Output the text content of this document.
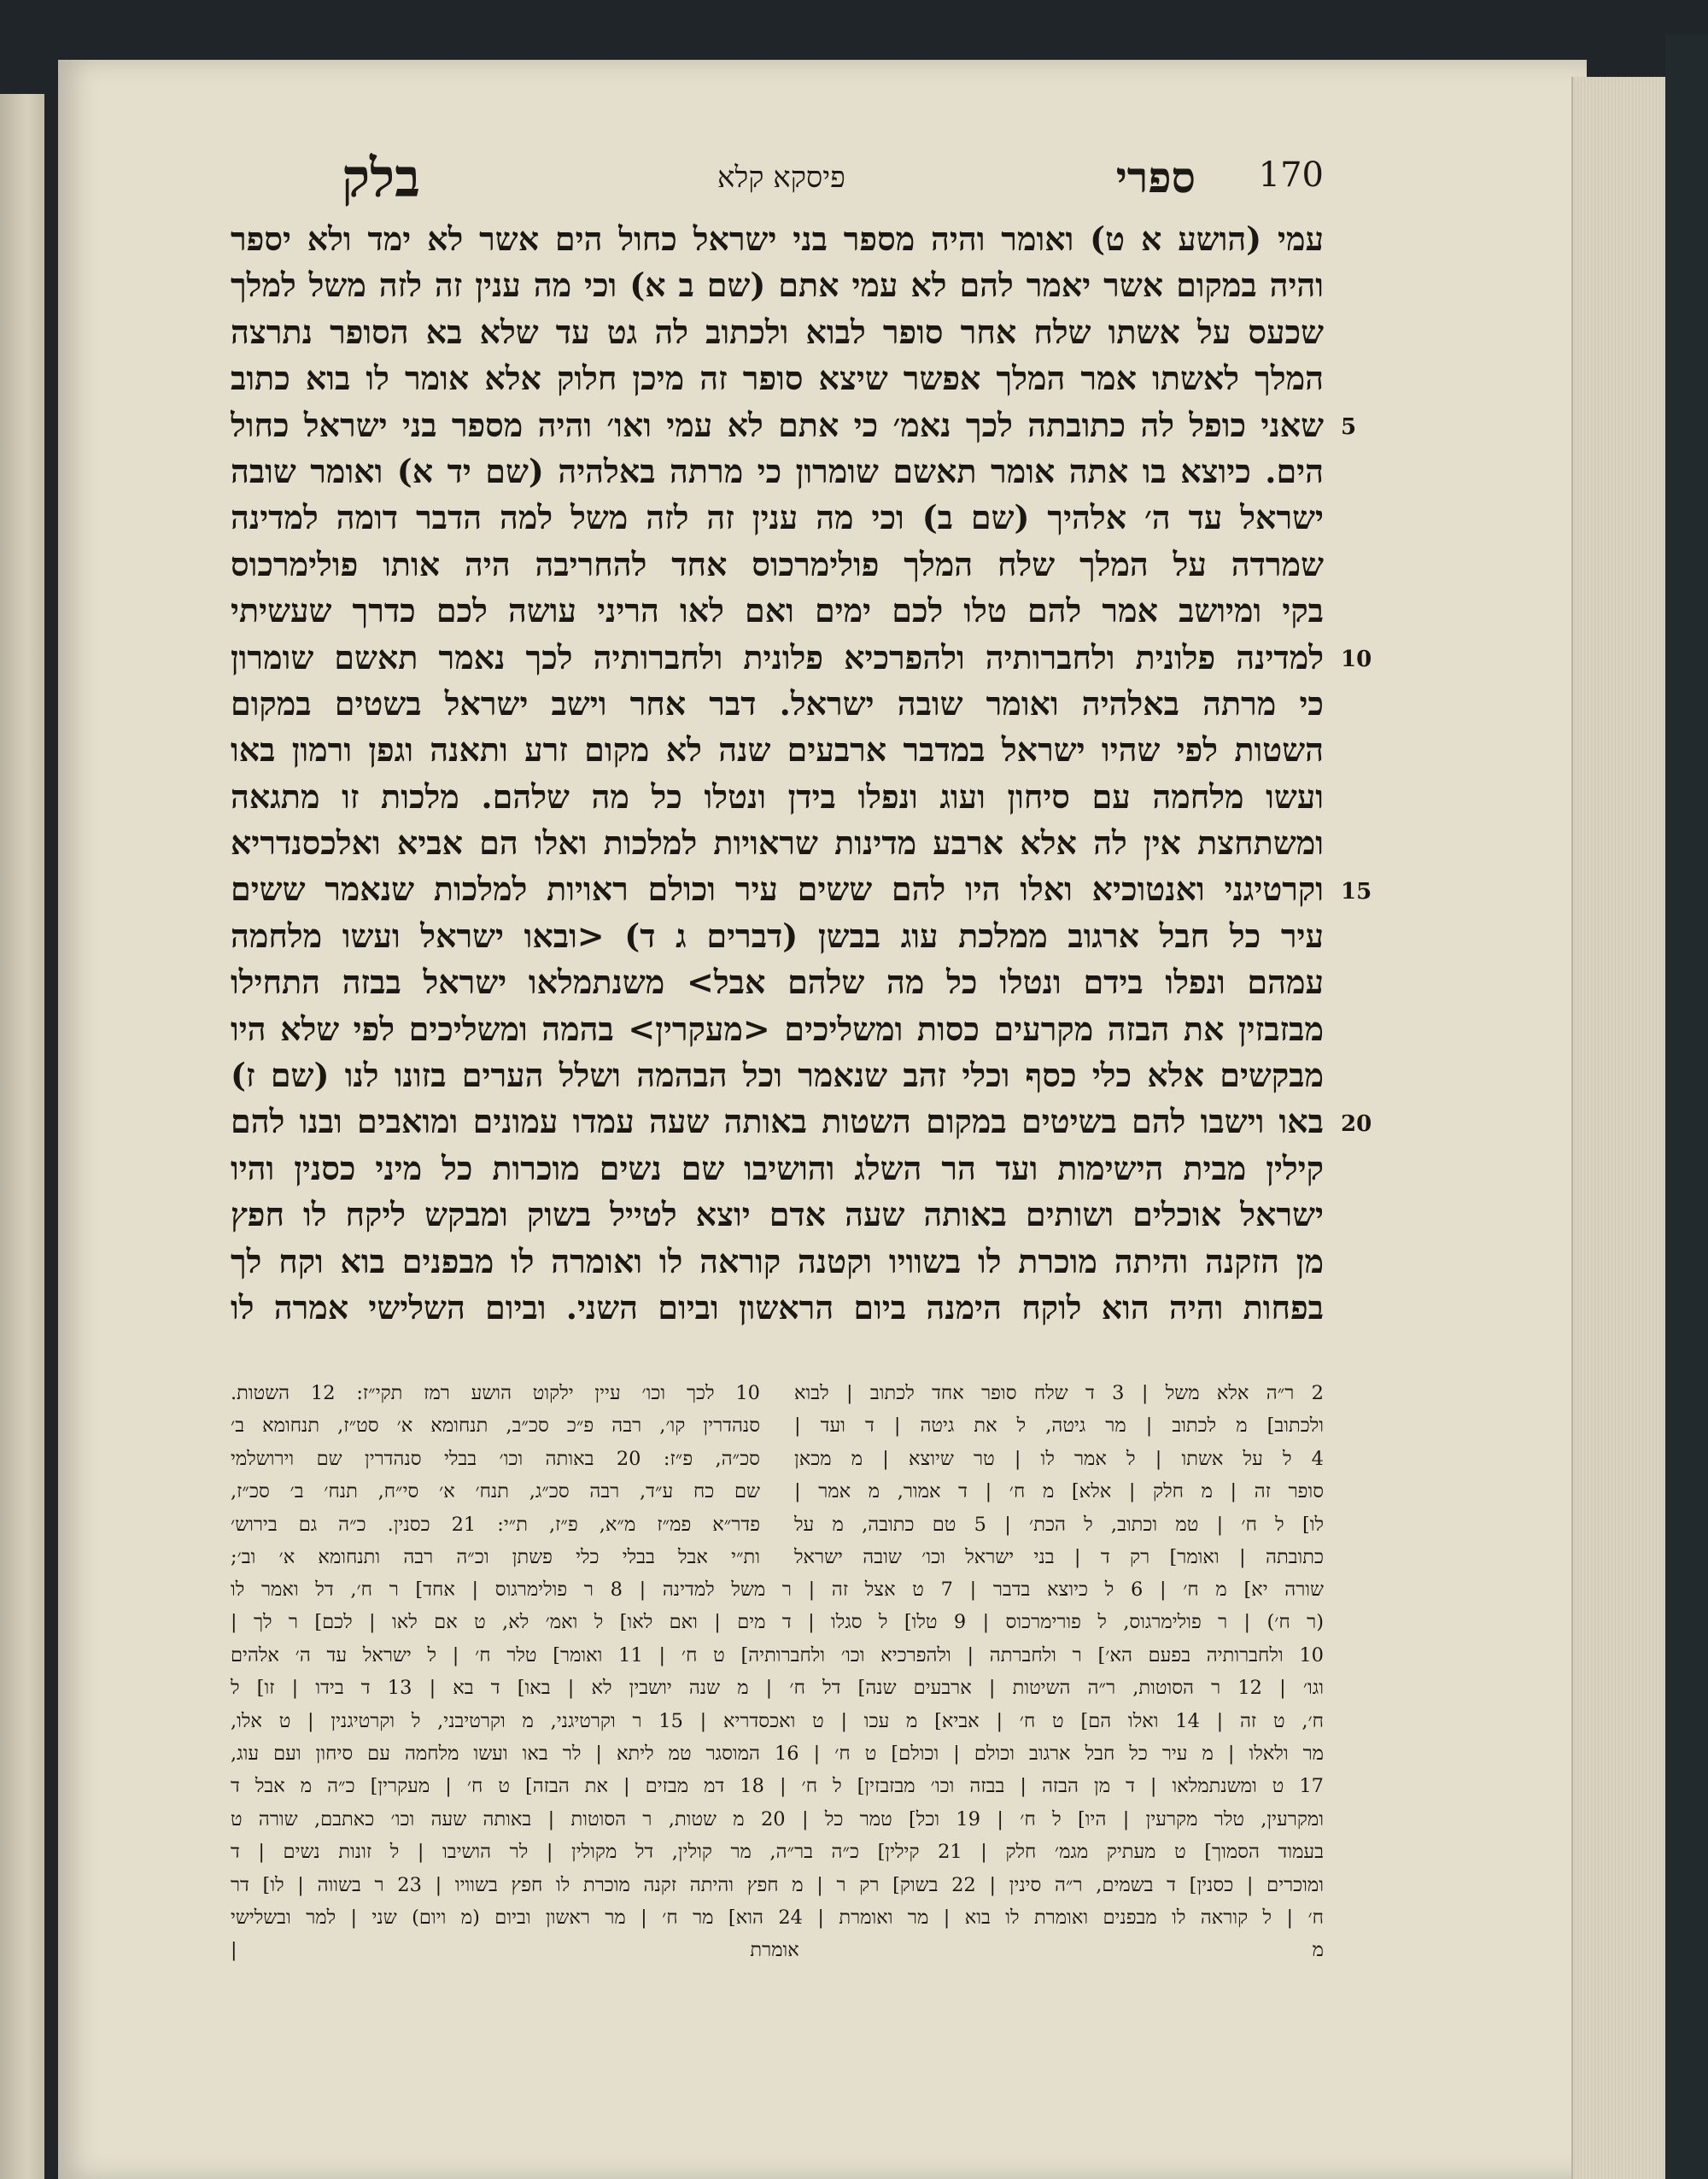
170
ספרי
פיסקא קלא
בלק
עמי (הושע א ט) ואומר והיה מספר בני ישראל כחול הים אשר לא ימד ולא יספר
והיה במקום אשר יאמר להם לא עמי אתם (שם ב א) וכי מה ענין זה לזה משל למלך
שכעס על אשתו שלח אחר סופר לבוא ולכתוב לה גט עד שלא בא הסופר נתרצה
המלך לאשתו אמר המלך אפשר שיצא סופר זה מיכן חלוק אלא אומר לו בוא כתוב
שאני כופל לה כתובתה לכך נאמ׳ כי אתם לא עמי ואו׳ והיה מספר בני ישראל כחול
הים. כיוצא בו אתה אומר תאשם שומרון כי מרתה באלהיה (שם יד א) ואומר שובה
ישראל עד ה׳ אלהיך (שם ב) וכי מה ענין זה לזה משל למה הדבר דומה למדינה
שמרדה על המלך שלח המלך פולימרכוס אחד להחריבה היה אותו פולימרכוס
בקי ומיושב אמר להם טלו לכם ימים ואם לאו הריני עושה לכם כדרך שעשיתי
למדינה פלונית ולחברותיה ולהפרכיא פלונית ולחברותיה לכך נאמר תאשם שומרון
כי מרתה באלהיה ואומר שובה ישראל. דבר אחר וישב ישראל בשטים במקום
השטות לפי שהיו ישראל במדבר ארבעים שנה לא מקום זרע ותאנה וגפן ורמון באו
ועשו מלחמה עם סיחון ועוג ונפלו בידן ונטלו כל מה שלהם. מלכות זו מתגאה
ומשתחצת אין לה אלא ארבע מדינות שראויות למלכות ואלו הם אביא ואלכסנדריא
וקרטיגני ואנטוכיא ואלו היו להם ששים עיר וכולם ראויות למלכות שנאמר ששים
עיר כל חבל ארגוב ממלכת עוג בבשן (דברים ג ד) <ובאו ישראל ועשו מלחמה
עמהם ונפלו בידם ונטלו כל מה שלהם אבל> משנתמלאו ישראל בבזה התחילו
מבזבזין את הבזה מקרעים כסות ומשליכים <מעקרין> בהמה ומשליכים לפי שלא היו
מבקשים אלא כלי כסף וכלי זהב שנאמר וכל הבהמה ושלל הערים בזונו לנו (שם ז)
באו וישבו להם בשיטים במקום השטות באותה שעה עמדו עמונים ומואבים ובנו להם
קילין מבית הישימות ועד הר השלג והושיבו שם נשים מוכרות כל מיני כסנין והיו
ישראל אוכלים ושותים באותה שעה אדם יוצא לטייל בשוק ומבקש ליקח לו חפץ
מן הזקנה והיתה מוכרת לו בשוויו וקטנה קוראה לו ואומרה לו מבפנים בוא וקח לך
בפחות והיה הוא לוקח הימנה ביום הראשון וביום השני. וביום השלישי אמרה לו
5
10
15
20
2 ר״ה אלא משל | 3 ד שלח סופר אחד לכתוב | לבוא
ולכתוב] מ לכתוב | מר גיטה, ל את גיטה | ד ועד |
4 ל על אשתו | ל אמר לו | טר שיוצא | מ מכאן
סופר זה | מ חלק | אלא] מ ח׳ | ד אמור, מ אמר |
לו] ל ח׳ | טמ וכתוב, ל הכת׳ | 5 טם כתובה, מ על
כתובתה | ואומר] רק ד | בני ישראל וכו׳ שובה ישראל
10 לכך וכו׳ עיין ילקוט הושע רמז תקי״ז: 12 השטות.
סנהדרין קו׳, רבה פ״כ סכ״ב, תנחומא א׳ סט״ז, תנחומא ב׳
סכ״ה, פ״ז: 20 באותה וכו׳ בבלי סנהדרין שם וירושלמי
שם כח ע״ד, רבה סכ״ג, תנח׳ א׳ סי״ח, תנח׳ ב׳ סכ״ז,
פדר״א פמ״ז מ״א, פ״ז, ת״י: 21 כסנין. כ״ה גם בירוש׳
ות״י אבל בבלי כלי פשתן וכ״ה רבה ותנחומא א׳ וב׳;
שורה יא] מ ח׳ | 6 ל כיוצא בדבר | 7 ט אצל זה | ר משל למדינה | 8 ר פולימרגוס | אחד] ר ח׳, דל ואמר לו
(ר ח׳) | ר פולימרגוס, ל פורימרכוס | 9 טלו] ל סגלו | ד מים | ואם לאו] ל ואמ׳ לא, ט אם לאו | לכם] ר לך |
10 ולחברותיה בפעם הא׳] ר ולחברתה | ולהפרכיא וכו׳ ולחברותיה] ט ח׳ | 11 ואומר] טלר ח׳ | ל ישראל עד ה׳ אלהים
וגו׳ | 12 ר הסוטות, ר״ה השיטות | ארבעים שנה] דל ח׳ | מ שנה יושבין לא | באו] ד בא | 13 ד בידו | זו] ל
ח׳, ט זה | 14 ואלו הם] ט ח׳ | אביא] מ עכו | ט ואכסדריא | 15 ר וקרטיגני, מ וקרטיבני, ל וקרטיגנין | ט אלו,
מר ולאלו | מ עיר כל חבל ארגוב וכולם | וכולם] ט ח׳ | 16 המוסגר טמ ליתא | לר באו ועשו מלחמה עם סיחון ועם עוג,
17 ט ומשנתמלאו | ד מן הבזה | בבזה וכו׳ מבזבזין] ל ח׳ | 18 דמ מבזים | את הבזה] ט ח׳ | מעקרין] כ״ה מ אבל ד
ומקרעין, טלר מקרעין | היו] ל ח׳ | 19 וכל] טמר כל | 20 מ שטות, ר הסוטות | באותה שעה וכו׳ כאתבם, שורה ט
בעמוד הסמוך] ט מעתיק מגמ׳ חלק | 21 קילין] כ״ה בר״ה, מר קולין, דל מקולין | לר הושיבו | ל זונות נשים | ד
ומוכרים | כסנין] ד בשמים, ר״ה סינין | 22 בשוק] רק ר | מ חפץ והיתה זקנה מוכרת לו חפץ בשוויו | 23 ר בשווה | לו] דר
ח׳ | ל קוראה לו מבפנים ואומרת לו בוא | מר ואומרת | 24 הוא] מר ח׳ | מר ראשון וביום (מ ויום) שני | למר ובשלישי
מ אומרת |
